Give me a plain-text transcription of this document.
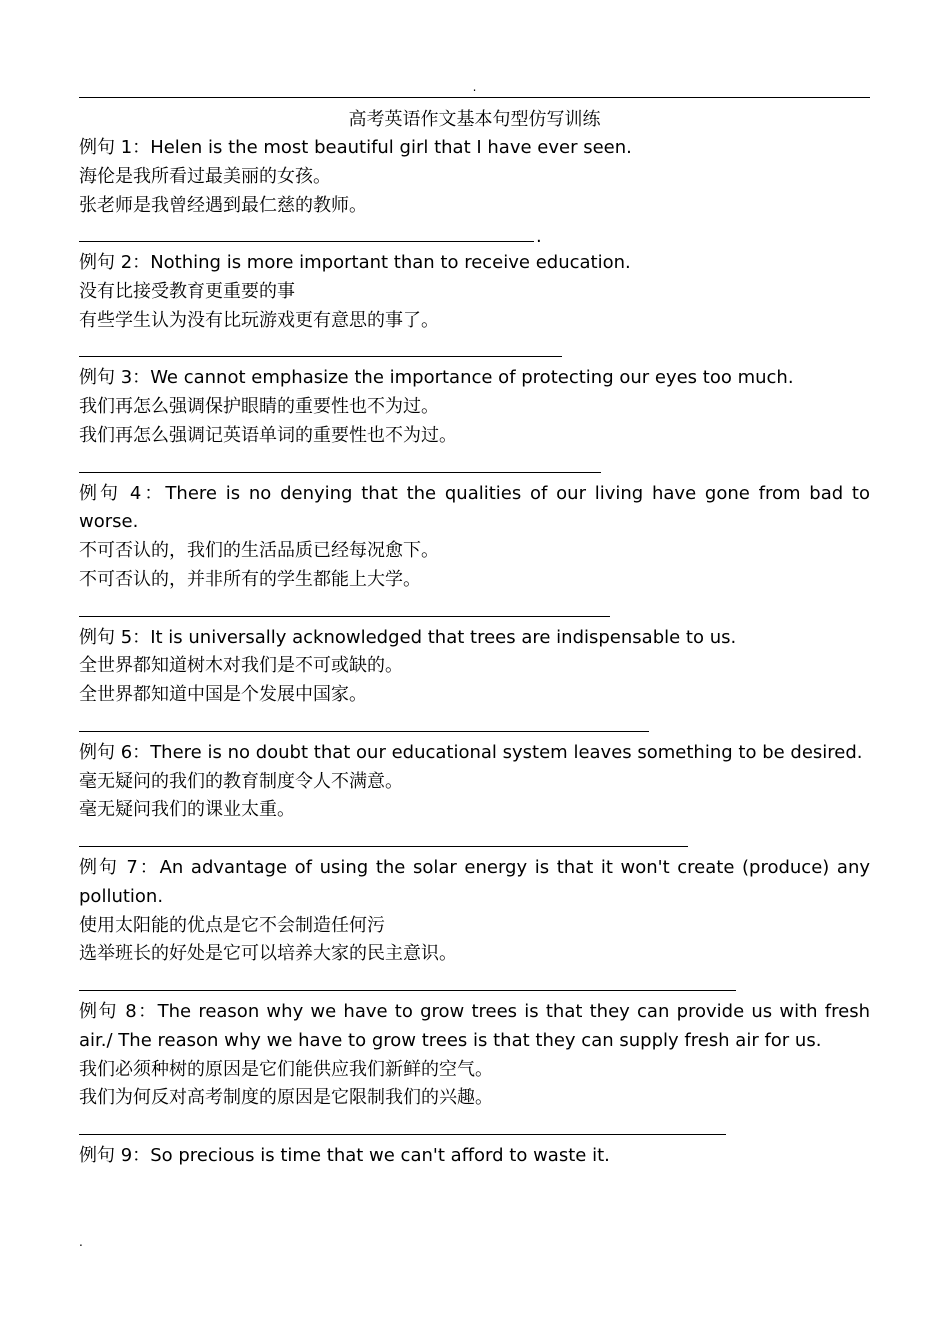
.
高考英语作文基本句型仿写训练
例句 1：Helen is the most beautiful girl that I have ever seen.
海伦是我所看过最美丽的女孩。
张老师是我曾经遇到最仁慈的教师。
.
例句 2：Nothing is more important than to receive education.
没有比接受教育更重要的事
有些学生认为没有比玩游戏更有意思的事了。
例句 3：We cannot emphasize the importance of protecting our eyes too much.
我们再怎么强调保护眼睛的重要性也不为过。
我们再怎么强调记英语单词的重要性也不为过。
例句 4：There is no denying that the qualities of our living have gone from bad to worse.
不可否认的，我们的生活品质已经每况愈下。
不可否认的，并非所有的学生都能上大学。
例句 5：It is universally acknowledged that trees are indispensable to us.
全世界都知道树木对我们是不可或缺的。
全世界都知道中国是个发展中国家。
例句 6：There is no doubt that our educational system leaves something to be desired.
毫无疑问的我们的教育制度令人不满意。
毫无疑问我们的课业太重。
例句 7：An advantage of using the solar energy is that it won't create (produce) any pollution.
使用太阳能的优点是它不会制造任何污
选举班长的好处是它可以培养大家的民主意识。
例句 8：The reason why we have to grow trees is that they can provide us with fresh air./ The reason why we have to grow trees is that they can supply fresh air for us.
我们必须种树的原因是它们能供应我们新鲜的空气。
我们为何反对高考制度的原因是它限制我们的兴趣。
例句 9：So precious is time that we can't afford to waste it.
.
